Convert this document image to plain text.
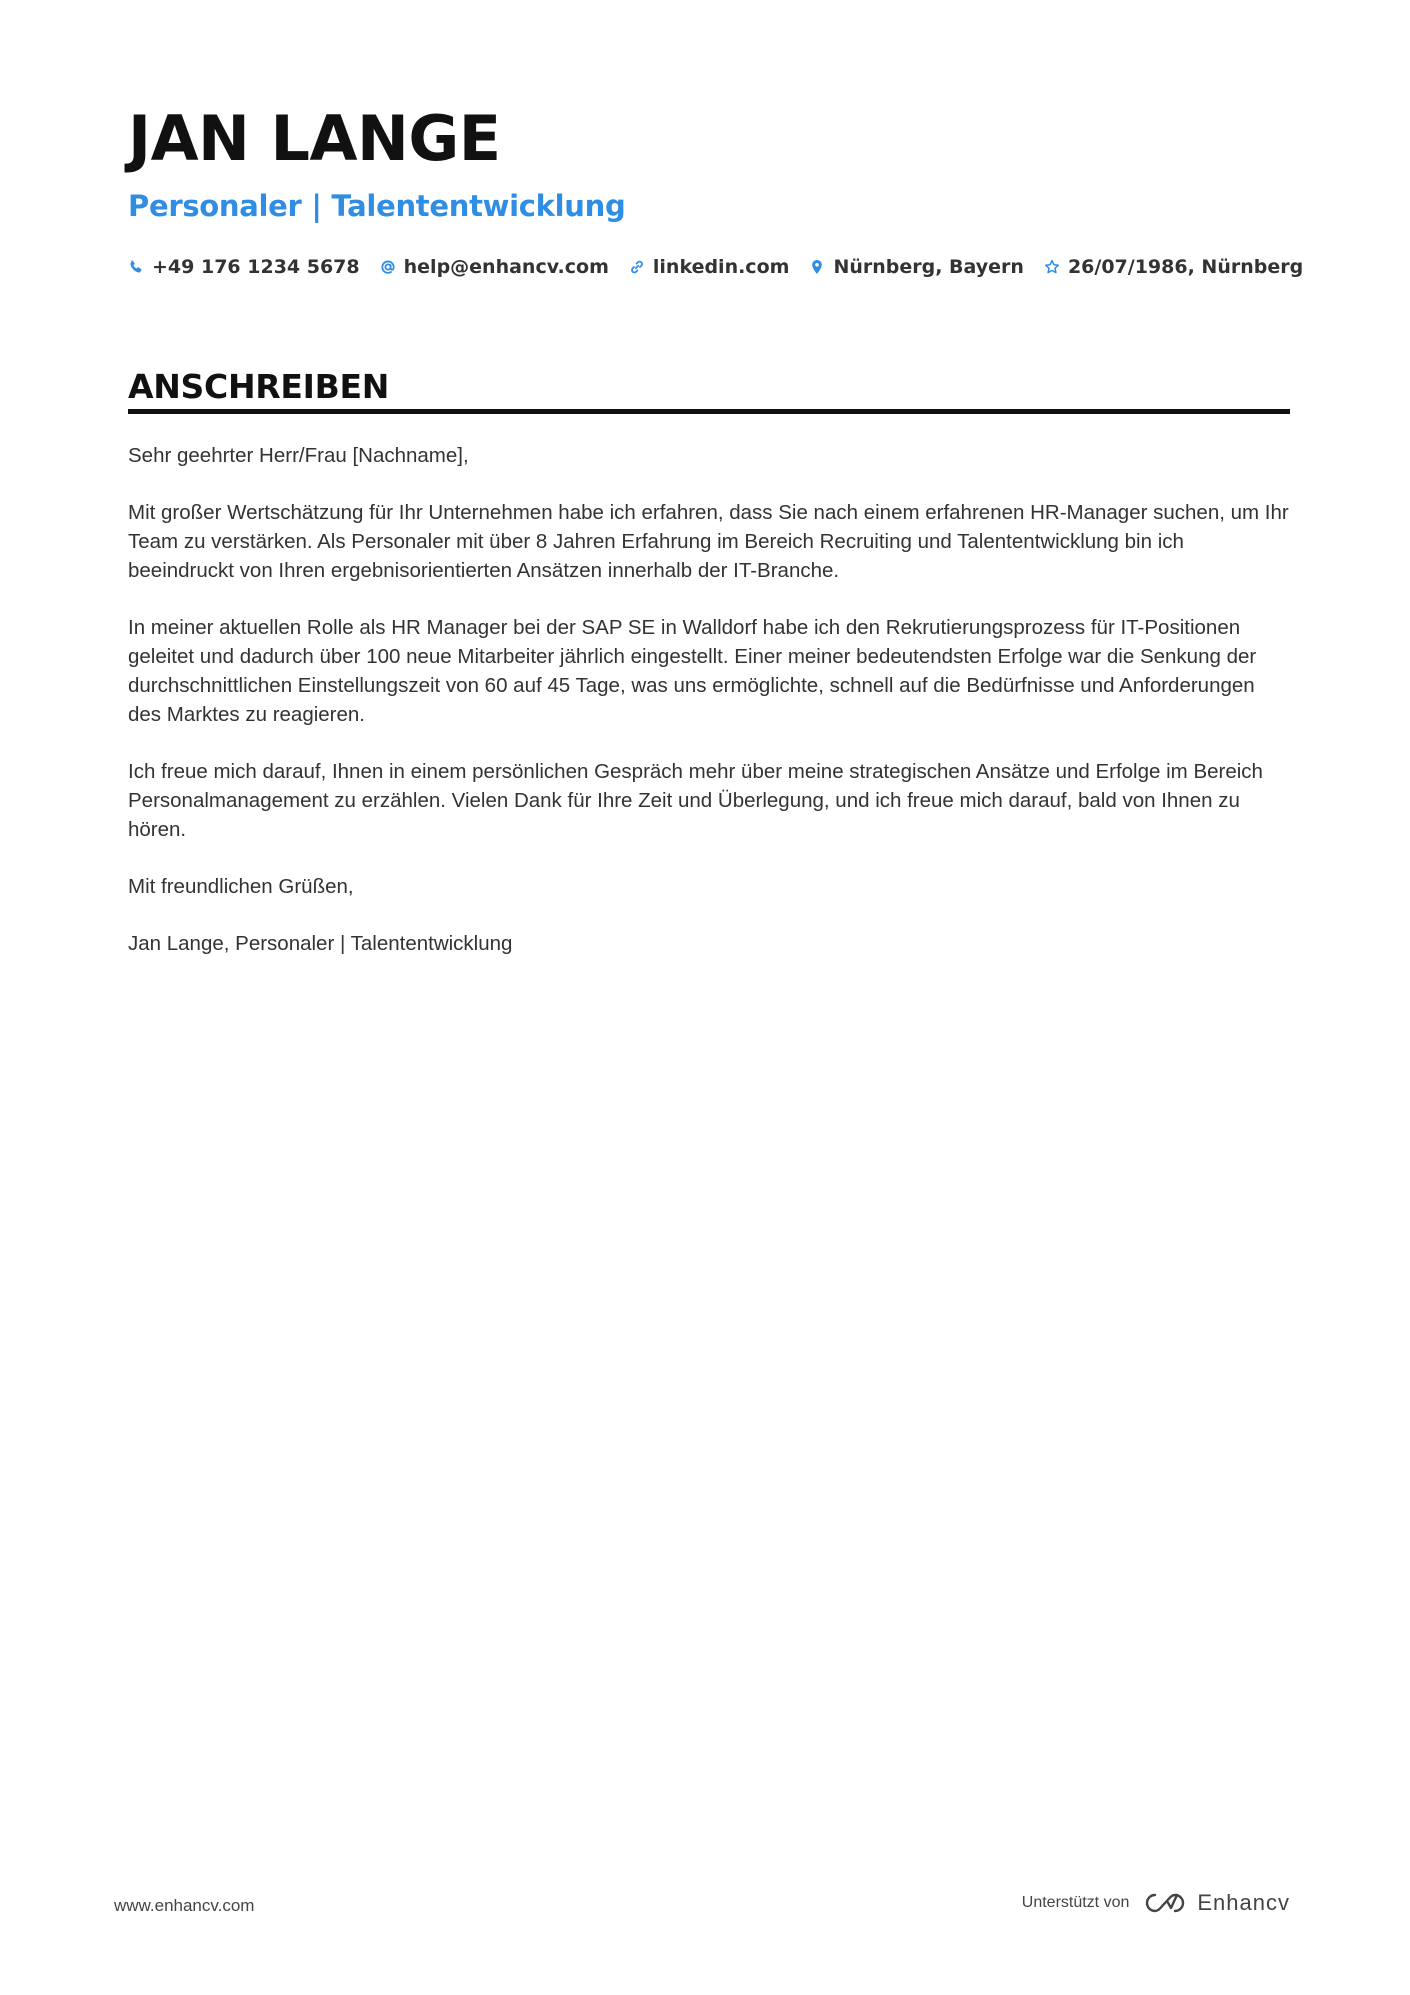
JAN LANGE
Personaler | Talententwicklung
+49 176 1234 5678 help@enhancv.com linkedin.com Nürnberg, Bayern 26/07/1986, Nürnberg
ANSCHREIBEN

Sehr geehrter Herr/Frau [Nachname],

Mit großer Wertschätzung für Ihr Unternehmen habe ich erfahren, dass Sie nach einem erfahrenen HR-Manager suchen, um Ihr Team zu verstärken. Als Personaler mit über 8 Jahren Erfahrung im Bereich Recruiting und Talententwicklung bin ich beeindruckt von Ihren ergebnisorientierten Ansätzen innerhalb der IT-Branche.

In meiner aktuellen Rolle als HR Manager bei der SAP SE in Walldorf habe ich den Rekrutierungsprozess für IT-Positionen geleitet und dadurch über 100 neue Mitarbeiter jährlich eingestellt. Einer meiner bedeutendsten Erfolge war die Senkung der durchschnittlichen Einstellungszeit von 60 auf 45 Tage, was uns ermöglichte, schnell auf die Bedürfnisse und Anforderungen des Marktes zu reagieren.

Ich freue mich darauf, Ihnen in einem persönlichen Gespräch mehr über meine strategischen Ansätze und Erfolge im Bereich Personalmanagement zu erzählen. Vielen Dank für Ihre Zeit und Überlegung, und ich freue mich darauf, bald von Ihnen zu hören.

Mit freundlichen Grüßen,

Jan Lange, Personaler | Talententwicklung

www.enhancv.com	Unterstützt von	Enhancv
